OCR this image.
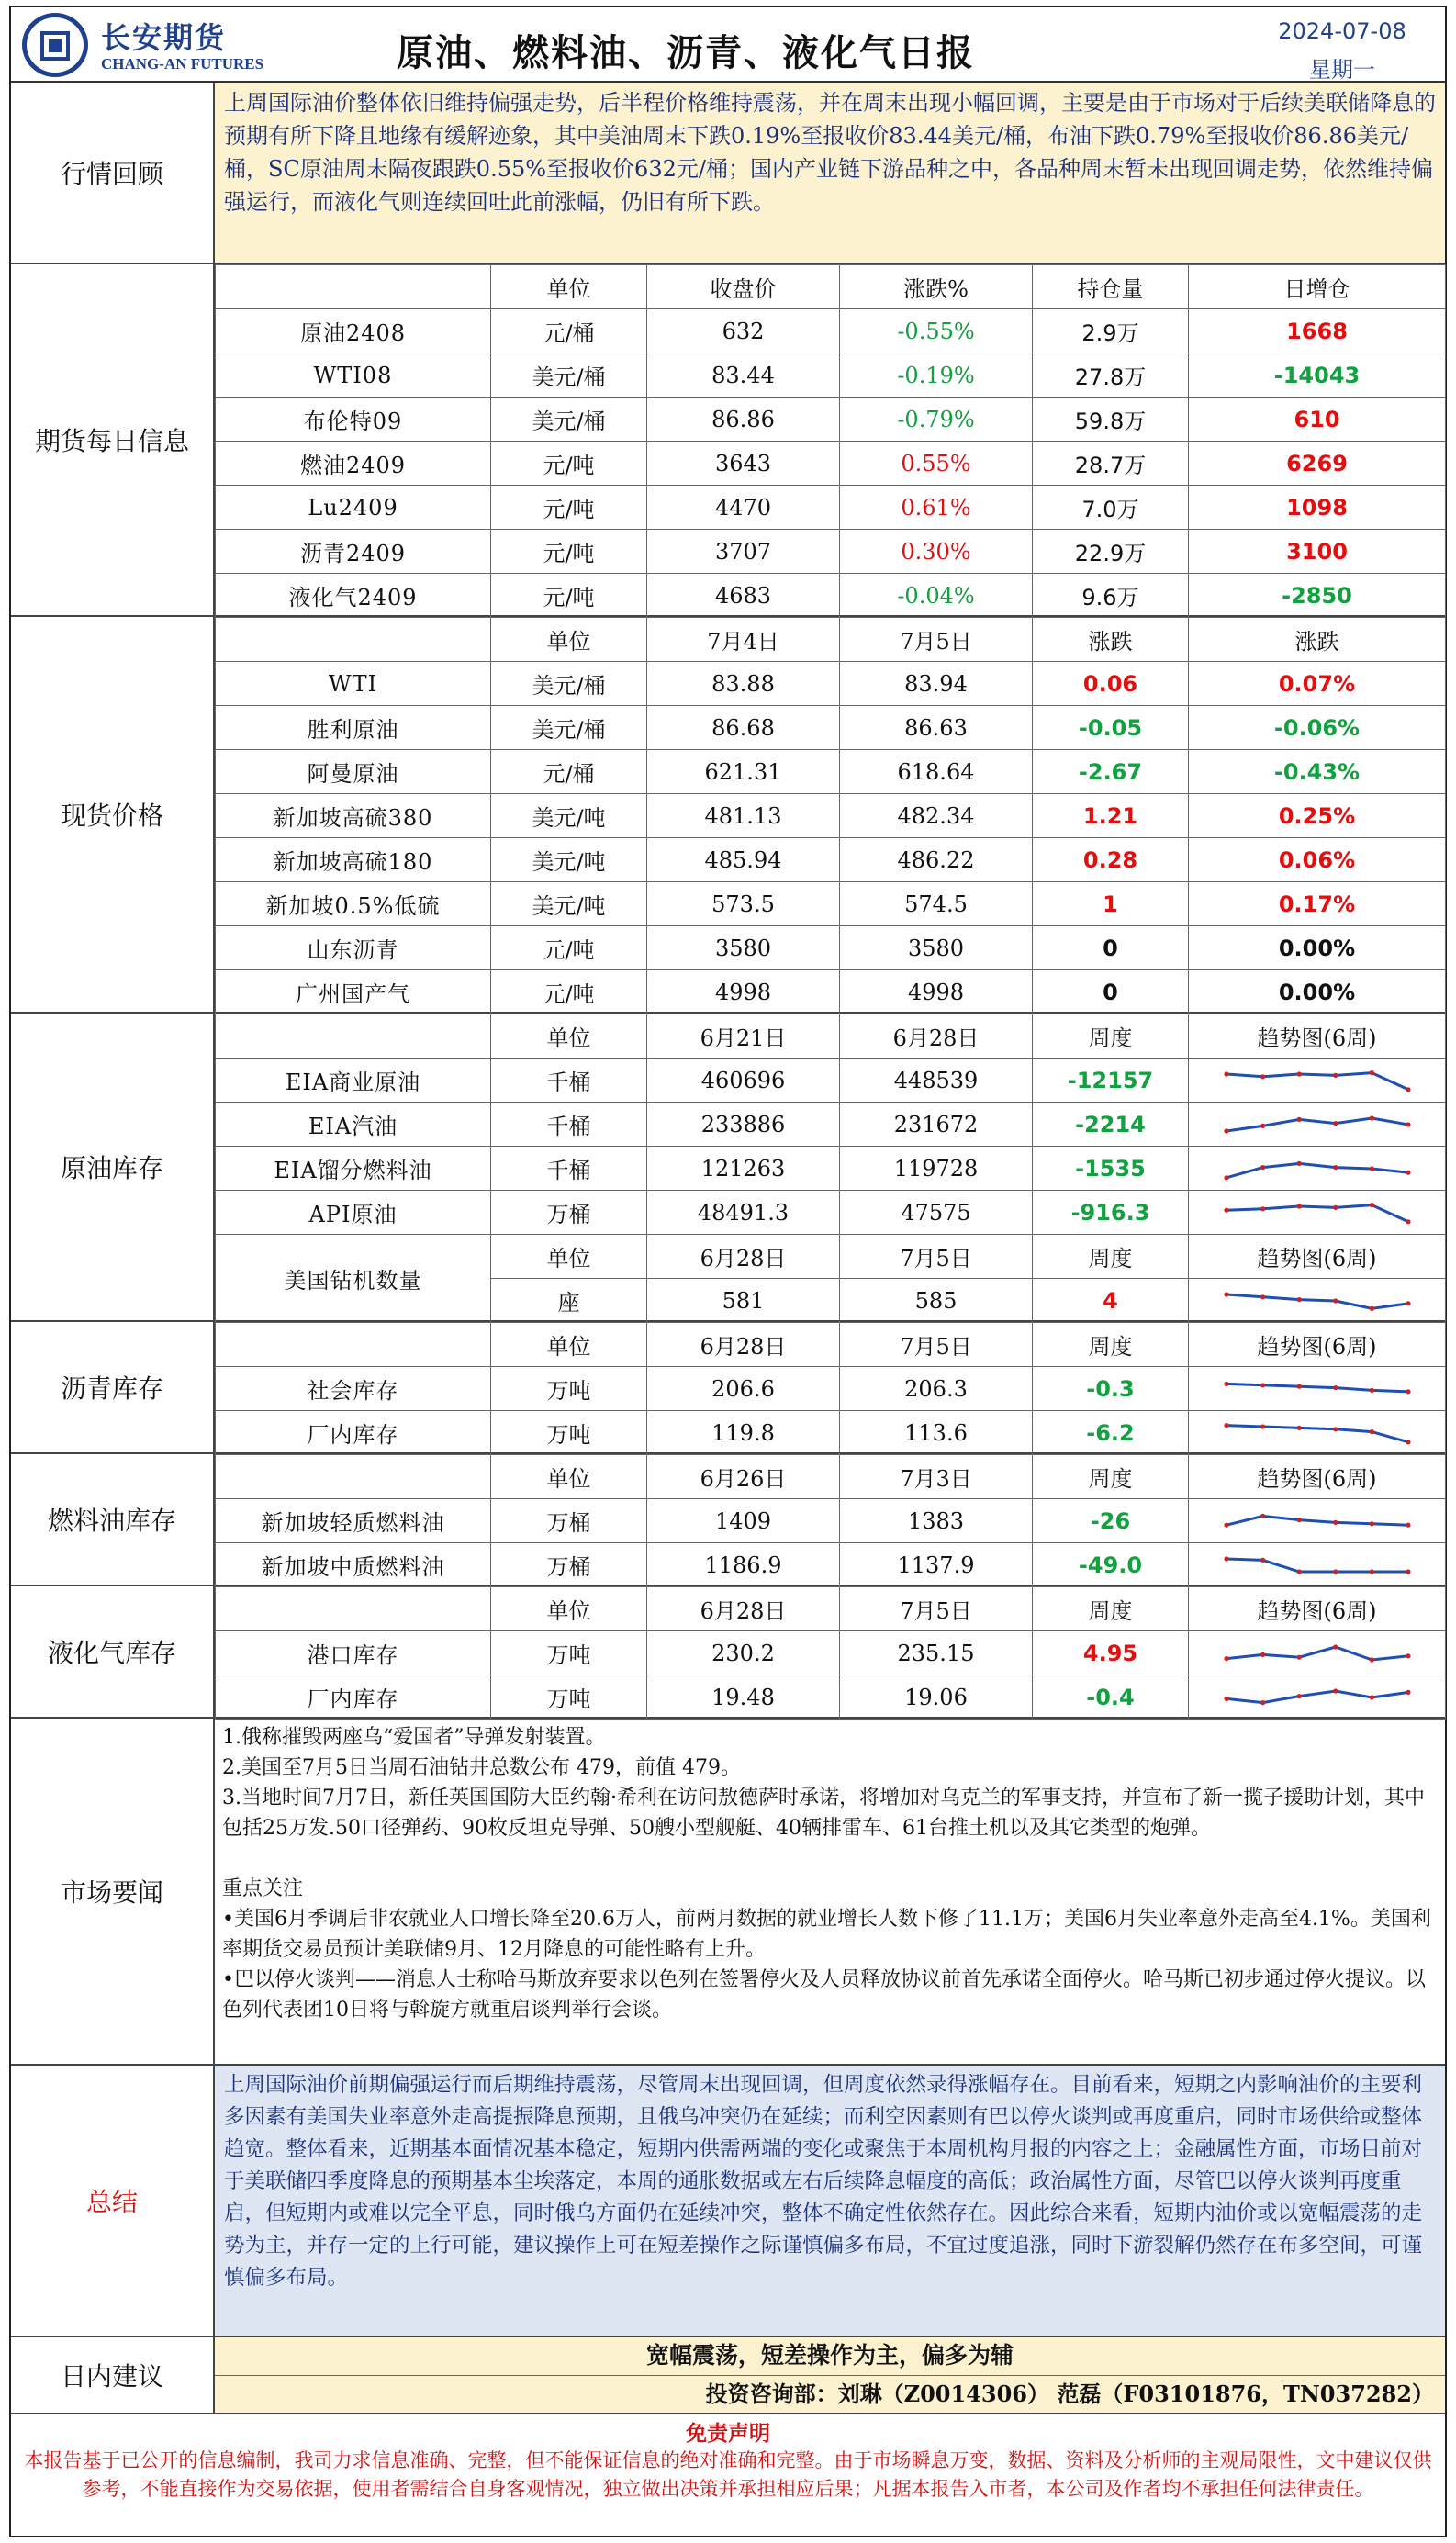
长安期货
CHANG-AN FUTURES	原油、燃料油、沥青、液化气日报
2024-07-08
星期一
行情回顾
上周国际油价整体依旧维持偏强走势，后半程价格维持震荡，并在周末出现小幅回调，主要是由于市场对于后续美联储降息的预期有所下降且地缘有缓解迹象，其中美油周末下跌0.19%至报收价83.44美元/桶，布油下跌0.79%至报收价86.86美元/桶，SC原油周末隔夜跟跌0.55%至报收价632元/桶；国内产业链下游品种之中，各品种周末暂未出现回调走势，依然维持偏强运行，而液化气则连续回吐此前涨幅，仍旧有所下跌。
期货每日信息
	单位	收盘价	涨跌%	持仓量	日增仓
原油2408	元/桶	632	-0.55%	2.9万	1668
WTI08	美元/桶	83.44	-0.19%	27.8万	-14043
布伦特09	美元/桶	86.86	-0.79%	59.8万	610
燃油2409	元/吨	3643	0.55%	28.7万	6269
Lu2409	元/吨	4470	0.61%	7.0万	1098
沥青2409	元/吨	3707	0.30%	22.9万	3100
液化气2409	元/吨	4683	-0.04%	9.6万	-2850
现货价格
	单位	7月4日	7月5日	涨跌	涨跌
WTI	美元/桶	83.88	83.94	0.06	0.07%
胜利原油	美元/桶	86.68	86.63	-0.05	-0.06%
阿曼原油	元/桶	621.31	618.64	-2.67	-0.43%
新加坡高硫380	美元/吨	481.13	482.34	1.21	0.25%
新加坡高硫180	美元/吨	485.94	486.22	0.28	0.06%
新加坡0.5%低硫	美元/吨	573.5	574.5	1	0.17%
山东沥青	元/吨	3580	3580	0	0.00%
广州国产气	元/吨	4998	4998	0	0.00%
原油库存
	单位	6月21日	6月28日	周度	趋势图(6周)
EIA商业原油	千桶	460696	448539	-12157	

EIA汽油	千桶	233886	231672	-2214	

EIA馏分燃料油	千桶	121263	119728	-1535	

API原油	万桶	48491.3	47575	-916.3	

美国钻机数量	单位	6月28日	7月5日	周度	趋势图(6周)
	座	581	585	4	
沥青库存
	单位	6月28日	7月5日	周度	趋势图(6周)
社会库存	万吨	206.6	206.3	-0.3	

厂内库存	万吨	119.8	113.6	-6.2	
燃料油库存
	单位	6月26日	7月3日	周度	趋势图(6周)
新加坡轻质燃料油	万桶	1409	1383	-26	

新加坡中质燃料油	万桶	1186.9	1137.9	-49.0	
液化气库存
	单位	6月28日	7月5日	周度	趋势图(6周)
港口库存	万吨	230.2	235.15	4.95	

厂内库存	万吨	19.48	19.06	-0.4	
市场要闻
1.俄称摧毁两座乌“爱国者”导弹发射装置。
2.美国至7月5日当周石油钻井总数公布 479，前值 479。
3.当地时间7月7日，新任英国国防大臣约翰·希利在访问敖德萨时承诺，将增加对乌克兰的军事支持，并宣布了新一揽子援助计划，其中包括25万发.50口径弹药、90枚反坦克导弹、50艘小型舰艇、40辆排雷车、61台推土机以及其它类型的炮弹。
重点关注
•美国6月季调后非农就业人口增长降至20.6万人，前两月数据的就业增长人数下修了11.1万；美国6月失业率意外走高至4.1%。美国利率期货交易员预计美联储9月、12月降息的可能性略有上升。
•巴以停火谈判——消息人士称哈马斯放弃要求以色列在签署停火及人员释放协议前首先承诺全面停火。哈马斯已初步通过停火提议。以色列代表团10日将与斡旋方就重启谈判举行会谈。
总结
上周国际油价前期偏强运行而后期维持震荡，尽管周末出现回调，但周度依然录得涨幅存在。目前看来，短期之内影响油价的主要利多因素有美国失业率意外走高提振降息预期，且俄乌冲突仍在延续；而利空因素则有巴以停火谈判或再度重启，同时市场供给或整体趋宽。整体看来，近期基本面情况基本稳定，短期内供需两端的变化或聚焦于本周机构月报的内容之上；金融属性方面，市场目前对于美联储四季度降息的预期基本尘埃落定，本周的通胀数据或左右后续降息幅度的高低；政治属性方面，尽管巴以停火谈判再度重启，但短期内或难以完全平息，同时俄乌方面仍在延续冲突，整体不确定性依然存在。因此综合来看，短期内油价或以宽幅震荡的走势为主，并存一定的上行可能，建议操作上可在短差操作之际谨慎偏多布局，不宜过度追涨，同时下游裂解仍然存在布多空间，可谨慎偏多布局。
日内建议
宽幅震荡，短差操作为主，偏多为辅
投资咨询部：刘琳（Z0014306） 范磊（F03101876，TN037282）
免责声明
本报告基于已公开的信息编制，我司力求信息准确、完整，但不能保证信息的绝对准确和完整。由于市场瞬息万变，数据、资料及分析师的主观局限性，文中建议仅供参考，不能直接作为交易依据，使用者需结合自身客观情况，独立做出决策并承担相应后果；凡据本报告入市者，本公司及作者均不承担任何法律责任。
